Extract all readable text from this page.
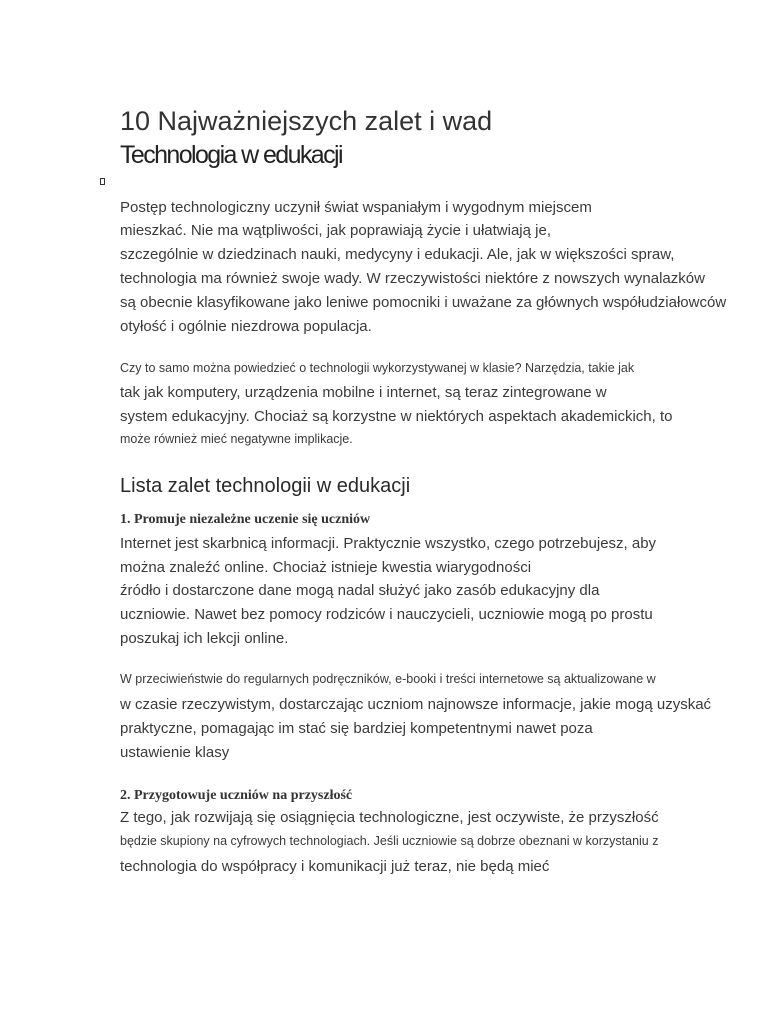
10 Najważniejszych zalet i wad
Technologia w edukacji
Postęp technologiczny uczynił świat wspaniałym i wygodnym miejscem
mieszkać. Nie ma wątpliwości, jak poprawiają życie i ułatwiają je,
szczególnie w dziedzinach nauki, medycyny i edukacji. Ale, jak w większości spraw,
technologia ma również swoje wady. W rzeczywistości niektóre z nowszych wynalazków
są obecnie klasyfikowane jako leniwe pomocniki i uważane za głównych współudziałowców
otyłość i ogólnie niezdrowa populacja.
Czy to samo można powiedzieć o technologii wykorzystywanej w klasie? Narzędzia, takie jak
tak jak komputery, urządzenia mobilne i internet, są teraz zintegrowane w
system edukacyjny. Chociaż są korzystne w niektórych aspektach akademickich, to
może również mieć negatywne implikacje.
Lista zalet technologii w edukacji
1. Promuje niezależne uczenie się uczniów
Internet jest skarbnicą informacji. Praktycznie wszystko, czego potrzebujesz, aby
można znaleźć online. Chociaż istnieje kwestia wiarygodności
źródło i dostarczone dane mogą nadal służyć jako zasób edukacyjny dla
uczniowie. Nawet bez pomocy rodziców i nauczycieli, uczniowie mogą po prostu
poszukaj ich lekcji online.
W przeciwieństwie do regularnych podręczników, e-booki i treści internetowe są aktualizowane w
w czasie rzeczywistym, dostarczając uczniom najnowsze informacje, jakie mogą uzyskać
praktyczne, pomagając im stać się bardziej kompetentnymi nawet poza
ustawienie klasy
2. Przygotowuje uczniów na przyszłość
Z tego, jak rozwijają się osiągnięcia technologiczne, jest oczywiste, że przyszłość
będzie skupiony na cyfrowych technologiach. Jeśli uczniowie są dobrze obeznani w korzystaniu z
technologia do współpracy i komunikacji już teraz, nie będą mieć
